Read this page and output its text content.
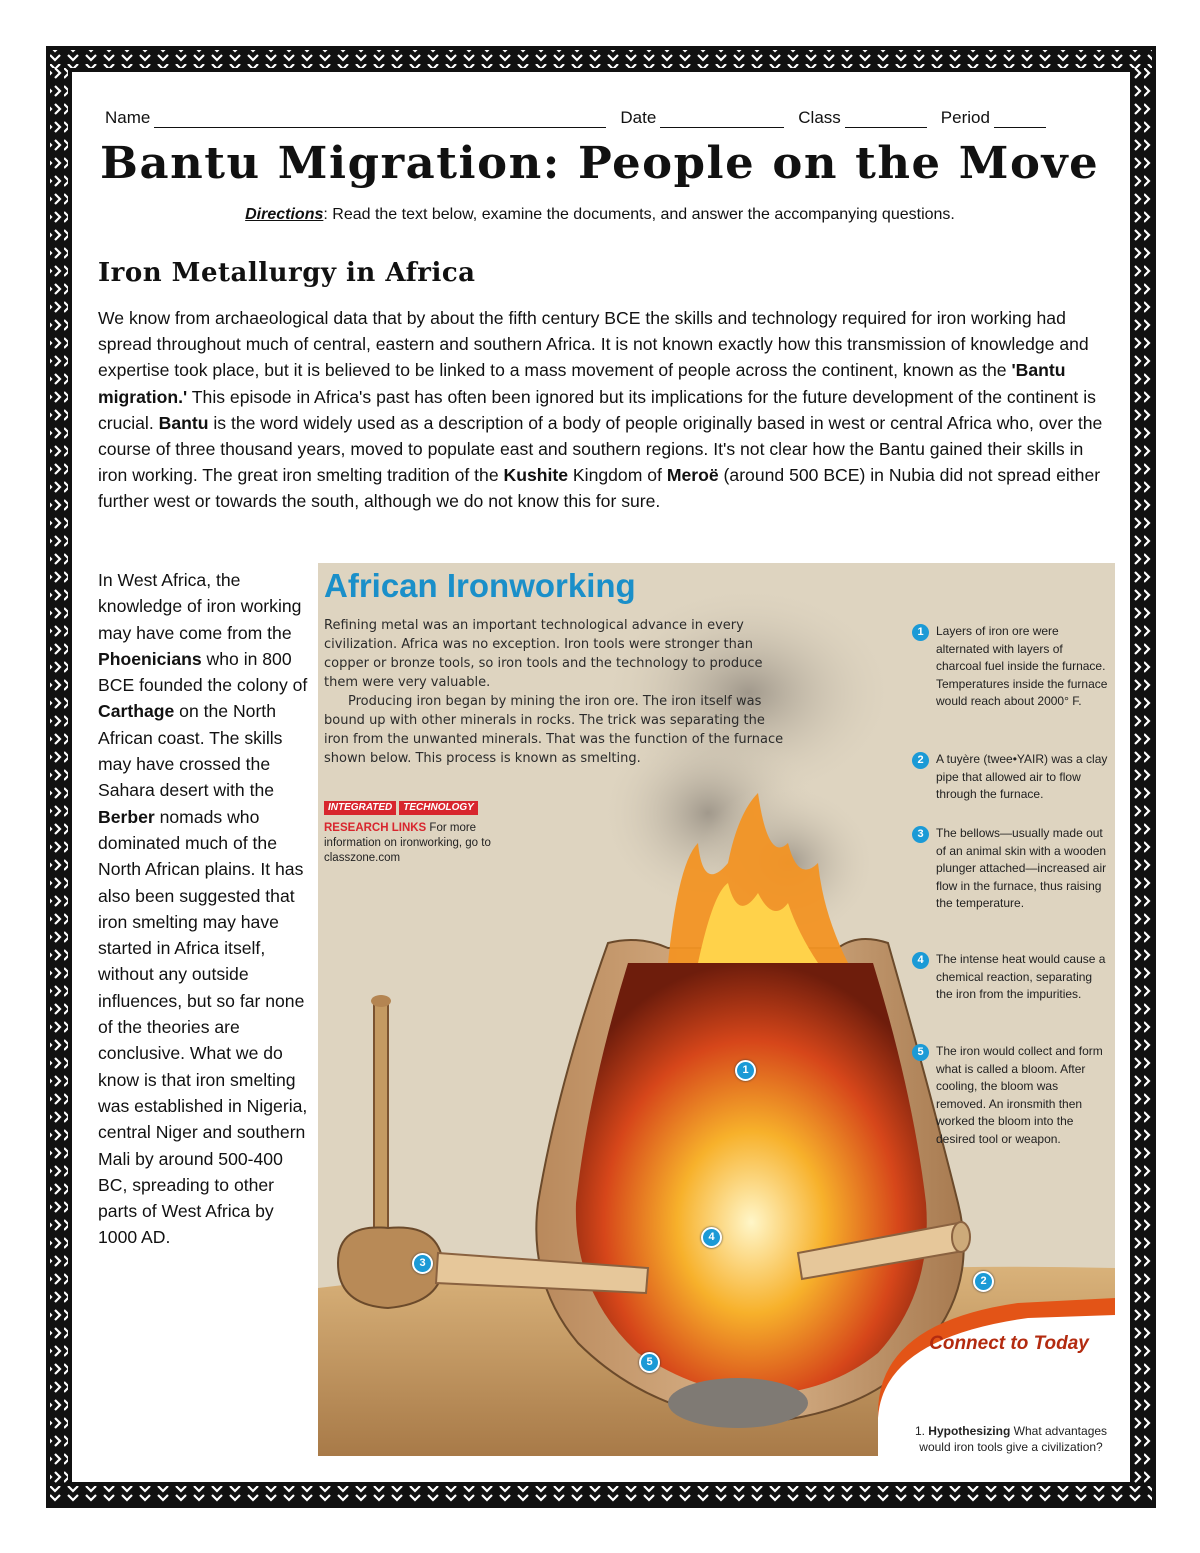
Name	Date	Class	Period
Bantu Migration: People on the Move
Directions: Read the text below, examine the documents, and answer the accompanying questions.
Iron Metallurgy in Africa

We know from archaeological data that by about the fifth century BCE the skills and technology required for iron working had spread throughout much of central, eastern and southern Africa. It is not known exactly how this transmission of knowledge and expertise took place, but it is believed to be linked to a mass movement of people across the continent, known as the 'Bantu migration.' This episode in Africa's past has often been ignored but its implications for the future development of the continent is crucial. Bantu is the word widely used as a description of a body of people originally based in west or central Africa who, over the course of three thousand years, moved to populate east and southern regions. It's not clear how the Bantu gained their skills in iron working. The great iron smelting tradition of the Kushite Kingdom of Meroë (around 500 BCE) in Nubia did not spread either further west or towards the south, although we do not know this for sure.

In West Africa, the knowledge of iron working may have come from the Phoenicians who in 800 BCE founded the colony of Carthage on the North African coast. The skills may have crossed the Sahara desert with the Berber nomads who dominated much of the North African plains. It has also been suggested that iron smelting may have started in Africa itself, without any outside influences, but so far none of the theories are conclusive. What we do know is that iron smelting was established in Nigeria, central Niger and southern Mali by around 500-400 BC, spreading to other parts of West Africa by 1000 AD.

African Ironworking

Refining metal was an important technological advance in every civilization. Africa was no exception. Iron tools were stronger than copper or bronze tools, so iron tools and the technology to produce them were very valuable.
Producing iron began by mining the iron ore. The iron itself was bound up with other minerals in rocks. The trick was separating the iron from the unwanted minerals. That was the function of the furnace shown below. This process is known as smelting.

INTEGRATED	TECHNOLOGY
RESEARCH LINKS For more information on ironworking, go to classzone.com
1	Layers of iron ore were alternated with layers of charcoal fuel inside the furnace. Temperatures inside the furnace would reach about 2000° F.
2	A tuyère (twee•YAIR) was a clay pipe that allowed air to flow through the furnace.
3	The bellows—usually made out of an animal skin with a wooden plunger attached—increased air flow in the furnace, thus raising the temperature.
4	The intense heat would cause a chemical reaction, separating the iron from the impurities.
5	The iron would collect and form what is called a bloom. After cooling, the bloom was removed. An ironsmith then worked the bloom into the desired tool or weapon.
1
2
3
4
5
Connect to Today
1. Hypothesizing What advantages would iron tools give a civilization?
